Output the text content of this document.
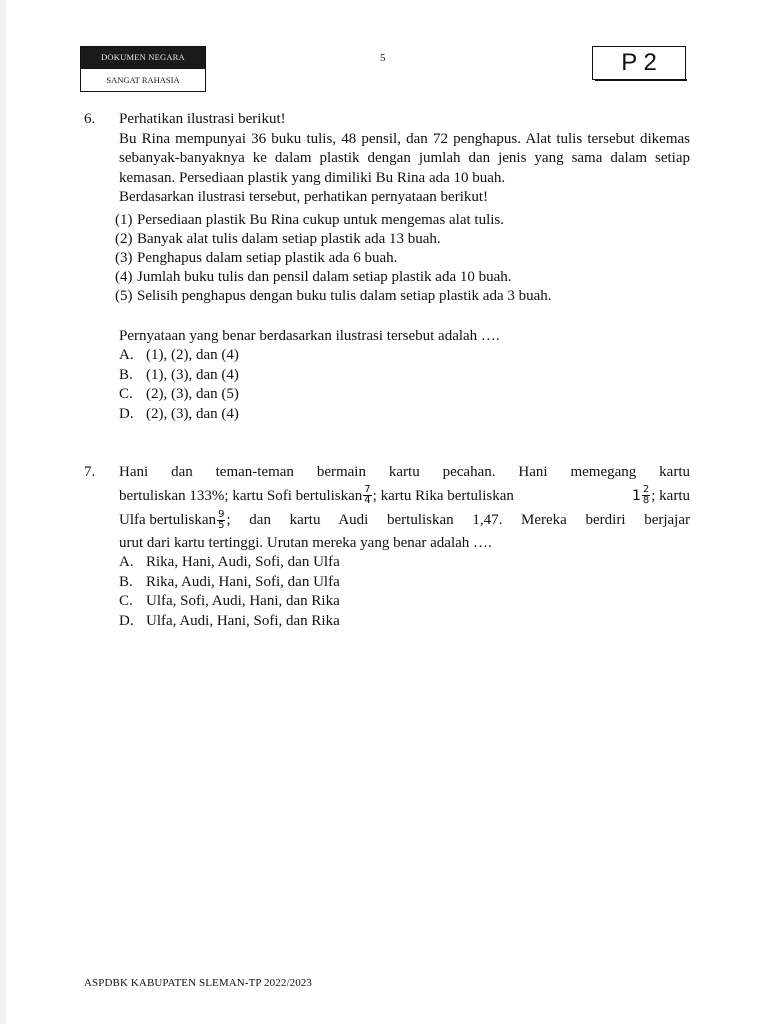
DOKUMEN NEGARA
SANGAT RAHASIA
5	P 2
6. Perhatikan ilustrasi berikut!
Bu Rina mempunyai 36 buku tulis, 48 pensil, dan 72 penghapus. Alat tulis tersebut dikemas sebanyak-banyaknya ke dalam plastik dengan jumlah dan jenis yang sama dalam setiap kemasan. Persediaan plastik yang dimiliki Bu Rina ada 10 buah.
Berdasarkan ilustrasi tersebut, perhatikan pernyataan berikut!
(1) Persediaan plastik Bu Rina cukup untuk mengemas alat tulis.
(2) Banyak alat tulis dalam setiap plastik ada 13 buah.
(3) Penghapus dalam setiap plastik ada 6 buah.
(4) Jumlah buku tulis dan pensil dalam setiap plastik ada 10 buah.
(5) Selisih penghapus dengan buku tulis dalam setiap plastik ada 3 buah.
Pernyataan yang benar berdasarkan ilustrasi tersebut adalah ….
A. (1), (2), dan (4)
B. (1), (3), dan (4)
C. (2), (3), dan (5)
D. (2), (3), dan (4)
7. Hani dan teman-teman bermain kartu pecahan. Hani memegang kartu
bertuliskan 133%; kartu Sofi bertuliskan $\frac{7}{4}$ ; kartu Rika bertuliskan	$1 \frac{2}{8}$ ; kartu
Ulfa bertuliskan $\frac{9}{5}$ ; dan kartu Audi bertuliskan 1,47. Mereka berdiri berjajar
urut dari kartu tertinggi. Urutan mereka yang benar adalah ….
A. Rika, Hani, Audi, Sofi, dan Ulfa
B. Rika, Audi, Hani, Sofi, dan Ulfa
C. Ulfa, Sofi, Audi, Hani, dan Rika
D. Ulfa, Audi, Hani, Sofi, dan Rika
ASPDBK KABUPATEN SLEMAN-TP 2022/2023
